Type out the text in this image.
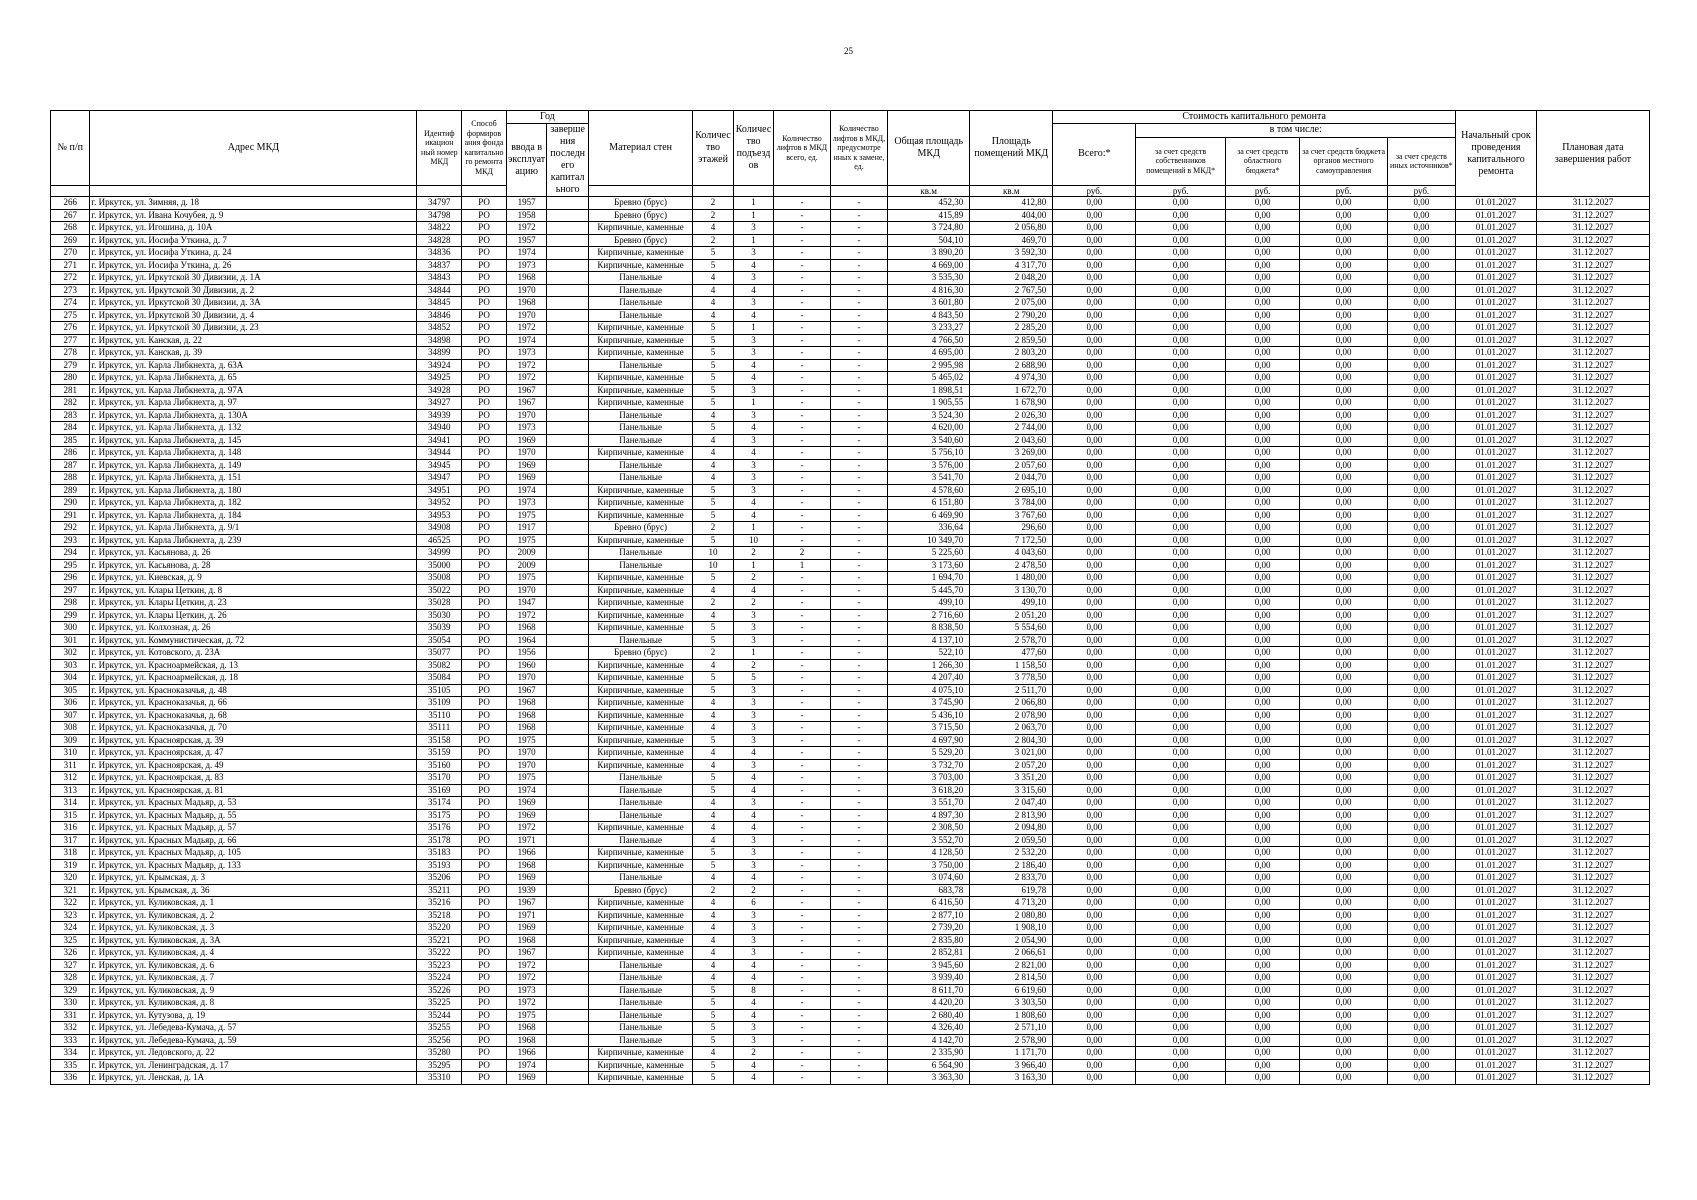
25
№ п/п	Адрес МКД	Идентиф икацион ный номер МКД	Способ формиров ания фонда капитально го ремонта МКД	Год		Материал стен	Количес тво этажей	Количес тво подъезд ов	Количество лифтов в МКД всего, ед.	Количество лифтов в МКД, предусмотре нных к замене, ед.	Общая площадь МКД	Площадь помещений МКД	Стоимость капитального ремонта					Начальный срок проведения капитального ремонта	Плановая дата завершения работ
				ввода в эксплуат ацию	заверше ния последн его капитал ьного								Всего:*	в том числе:					
														за счет средств собственников помещений в МКД*	за счет средств областного бюджета*	за счет средств бюджета органов местного самоуправления	за счет средств иных источников*		
											кв.м	кв.м	руб.	руб.	руб.	руб.	руб.		
266	г. Иркутск, ул. Зимняя, д. 18	34797	РО	1957		Бревно (брус)	2	1	-	-	452,30	412,80	0,00	0,00	0,00	0,00	0,00	01.01.2027	31.12.2027
267	г. Иркутск, ул. Ивана Кочубея, д. 9	34798	РО	1958		Бревно (брус)	2	1	-	-	415,89	404,00	0,00	0,00	0,00	0,00	0,00	01.01.2027	31.12.2027
268	г. Иркутск, ул. Игошина, д. 10А	34822	РО	1972		Кирпичные, каменные	4	3	-	-	3 724,80	2 056,80	0,00	0,00	0,00	0,00	0,00	01.01.2027	31.12.2027
269	г. Иркутск, ул. Иосифа Уткина, д. 7	34828	РО	1957		Бревно (брус)	2	1	-	-	504,10	469,70	0,00	0,00	0,00	0,00	0,00	01.01.2027	31.12.2027
270	г. Иркутск, ул. Иосифа Уткина, д. 24	34836	РО	1974		Кирпичные, каменные	5	3	-	-	3 890,20	3 592,30	0,00	0,00	0,00	0,00	0,00	01.01.2027	31.12.2027
271	г. Иркутск, ул. Иосифа Уткина, д. 26	34837	РО	1973		Кирпичные, каменные	5	4	-	-	4 669,00	4 317,70	0,00	0,00	0,00	0,00	0,00	01.01.2027	31.12.2027
272	г. Иркутск, ул. Иркутской 30 Дивизии, д. 1А	34843	РО	1968		Панельные	4	3	-	-	3 535,30	2 048,20	0,00	0,00	0,00	0,00	0,00	01.01.2027	31.12.2027
273	г. Иркутск, ул. Иркутской 30 Дивизии, д. 2	34844	РО	1970		Панельные	4	4	-	-	4 816,30	2 767,50	0,00	0,00	0,00	0,00	0,00	01.01.2027	31.12.2027
274	г. Иркутск, ул. Иркутской 30 Дивизии, д. 3А	34845	РО	1968		Панельные	4	3	-	-	3 601,80	2 075,00	0,00	0,00	0,00	0,00	0,00	01.01.2027	31.12.2027
275	г. Иркутск, ул. Иркутской 30 Дивизии, д. 4	34846	РО	1970		Панельные	4	4	-	-	4 843,50	2 790,20	0,00	0,00	0,00	0,00	0,00	01.01.2027	31.12.2027
276	г. Иркутск, ул. Иркутской 30 Дивизии, д. 23	34852	РО	1972		Кирпичные, каменные	5	1	-	-	3 233,27	2 285,20	0,00	0,00	0,00	0,00	0,00	01.01.2027	31.12.2027
277	г. Иркутск, ул. Канская, д. 22	34898	РО	1974		Кирпичные, каменные	5	3	-	-	4 766,50	2 859,50	0,00	0,00	0,00	0,00	0,00	01.01.2027	31.12.2027
278	г. Иркутск, ул. Канская, д. 39	34899	РО	1973		Кирпичные, каменные	5	3	-	-	4 695,00	2 803,20	0,00	0,00	0,00	0,00	0,00	01.01.2027	31.12.2027
279	г. Иркутск, ул. Карла Либкнехта, д. 63А	34924	РО	1972		Панельные	5	4	-	-	2 995,98	2 688,90	0,00	0,00	0,00	0,00	0,00	01.01.2027	31.12.2027
280	г. Иркутск, ул. Карла Либкнехта, д. 65	34925	РО	1972		Кирпичные, каменные	5	4	-	-	5 465,02	4 974,30	0,00	0,00	0,00	0,00	0,00	01.01.2027	31.12.2027
281	г. Иркутск, ул. Карла Либкнехта, д. 97А	34928	РО	1967		Кирпичные, каменные	5	3	-	-	1 898,51	1 672,70	0,00	0,00	0,00	0,00	0,00	01.01.2027	31.12.2027
282	г. Иркутск, ул. Карла Либкнехта, д. 97	34927	РО	1967		Кирпичные, каменные	5	1	-	-	1 905,55	1 678,90	0,00	0,00	0,00	0,00	0,00	01.01.2027	31.12.2027
283	г. Иркутск, ул. Карла Либкнехта, д. 130А	34939	РО	1970		Панельные	4	3	-	-	3 524,30	2 026,30	0,00	0,00	0,00	0,00	0,00	01.01.2027	31.12.2027
284	г. Иркутск, ул. Карла Либкнехта, д. 132	34940	РО	1973		Панельные	5	4	-	-	4 620,00	2 744,00	0,00	0,00	0,00	0,00	0,00	01.01.2027	31.12.2027
285	г. Иркутск, ул. Карла Либкнехта, д. 145	34941	РО	1969		Панельные	4	3	-	-	3 540,60	2 043,60	0,00	0,00	0,00	0,00	0,00	01.01.2027	31.12.2027
286	г. Иркутск, ул. Карла Либкнехта, д. 148	34944	РО	1970		Кирпичные, каменные	4	4	-	-	5 756,10	3 269,00	0,00	0,00	0,00	0,00	0,00	01.01.2027	31.12.2027
287	г. Иркутск, ул. Карла Либкнехта, д. 149	34945	РО	1969		Панельные	4	3	-	-	3 576,00	2 057,60	0,00	0,00	0,00	0,00	0,00	01.01.2027	31.12.2027
288	г. Иркутск, ул. Карла Либкнехта, д. 151	34947	РО	1969		Панельные	4	3	-	-	3 541,70	2 044,70	0,00	0,00	0,00	0,00	0,00	01.01.2027	31.12.2027
289	г. Иркутск, ул. Карла Либкнехта, д. 180	34951	РО	1974		Кирпичные, каменные	5	3	-	-	4 578,60	2 695,10	0,00	0,00	0,00	0,00	0,00	01.01.2027	31.12.2027
290	г. Иркутск, ул. Карла Либкнехта, д. 182	34952	РО	1973		Кирпичные, каменные	5	4	-	-	6 151,80	3 784,00	0,00	0,00	0,00	0,00	0,00	01.01.2027	31.12.2027
291	г. Иркутск, ул. Карла Либкнехта, д. 184	34953	РО	1975		Кирпичные, каменные	5	4	-	-	6 469,90	3 767,60	0,00	0,00	0,00	0,00	0,00	01.01.2027	31.12.2027
292	г. Иркутск, ул. Карла Либкнехта, д. 9/1	34908	РО	1917		Бревно (брус)	2	1	-	-	336,64	296,60	0,00	0,00	0,00	0,00	0,00	01.01.2027	31.12.2027
293	г. Иркутск, ул. Карла Либкнехта, д. 239	46525	РО	1975		Кирпичные, каменные	5	10	-	-	10 349,70	7 172,50	0,00	0,00	0,00	0,00	0,00	01.01.2027	31.12.2027
294	г. Иркутск, ул. Касьянова, д. 26	34999	РО	2009		Панельные	10	2	2	-	5 225,60	4 043,60	0,00	0,00	0,00	0,00	0,00	01.01.2027	31.12.2027
295	г. Иркутск, ул. Касьянова, д. 28	35000	РО	2009		Панельные	10	1	1	-	3 173,60	2 478,50	0,00	0,00	0,00	0,00	0,00	01.01.2027	31.12.2027
296	г. Иркутск, ул. Киевская, д. 9	35008	РО	1975		Кирпичные, каменные	5	2	-	-	1 694,70	1 480,00	0,00	0,00	0,00	0,00	0,00	01.01.2027	31.12.2027
297	г. Иркутск, ул. Клары Цеткин, д. 8	35022	РО	1970		Кирпичные, каменные	4	4	-	-	5 445,70	3 130,70	0,00	0,00	0,00	0,00	0,00	01.01.2027	31.12.2027
298	г. Иркутск, ул. Клары Цеткин, д. 23	35028	РО	1947		Кирпичные, каменные	2	2	-	-	499,10	499,10	0,00	0,00	0,00	0,00	0,00	01.01.2027	31.12.2027
299	г. Иркутск, ул. Клары Цеткин, д. 26	35030	РО	1972		Кирпичные, каменные	4	3	-	-	2 716,60	2 051,20	0,00	0,00	0,00	0,00	0,00	01.01.2027	31.12.2027
300	г. Иркутск, ул. Колхозная, д. 26	35039	РО	1968		Кирпичные, каменные	5	3	-	-	8 838,50	5 554,60	0,00	0,00	0,00	0,00	0,00	01.01.2027	31.12.2027
301	г. Иркутск, ул. Коммунистическая, д. 72	35054	РО	1964		Панельные	5	3	-	-	4 137,10	2 578,70	0,00	0,00	0,00	0,00	0,00	01.01.2027	31.12.2027
302	г. Иркутск, ул. Котовского, д. 23А	35077	РО	1956		Бревно (брус)	2	1	-	-	522,10	477,60	0,00	0,00	0,00	0,00	0,00	01.01.2027	31.12.2027
303	г. Иркутск, ул. Красноармейская, д. 13	35082	РО	1960		Кирпичные, каменные	4	2	-	-	1 266,30	1 158,50	0,00	0,00	0,00	0,00	0,00	01.01.2027	31.12.2027
304	г. Иркутск, ул. Красноармейская, д. 18	35084	РО	1970		Кирпичные, каменные	5	5	-	-	4 207,40	3 778,50	0,00	0,00	0,00	0,00	0,00	01.01.2027	31.12.2027
305	г. Иркутск, ул. Красноказачья, д. 48	35105	РО	1967		Кирпичные, каменные	5	3	-	-	4 075,10	2 511,70	0,00	0,00	0,00	0,00	0,00	01.01.2027	31.12.2027
306	г. Иркутск, ул. Красноказачья, д. 66	35109	РО	1968		Кирпичные, каменные	4	3	-	-	3 745,90	2 066,80	0,00	0,00	0,00	0,00	0,00	01.01.2027	31.12.2027
307	г. Иркутск, ул. Красноказачья, д. 68	35110	РО	1968		Кирпичные, каменные	4	3	-	-	5 436,10	2 078,90	0,00	0,00	0,00	0,00	0,00	01.01.2027	31.12.2027
308	г. Иркутск, ул. Красноказачья, д. 70	35111	РО	1968		Кирпичные, каменные	4	3	-	-	3 715,50	2 063,70	0,00	0,00	0,00	0,00	0,00	01.01.2027	31.12.2027
309	г. Иркутск, ул. Красноярская, д. 39	35158	РО	1975		Кирпичные, каменные	5	3	-	-	4 697,90	2 804,30	0,00	0,00	0,00	0,00	0,00	01.01.2027	31.12.2027
310	г. Иркутск, ул. Красноярская, д. 47	35159	РО	1970		Кирпичные, каменные	4	4	-	-	5 529,20	3 021,00	0,00	0,00	0,00	0,00	0,00	01.01.2027	31.12.2027
311	г. Иркутск, ул. Красноярская, д. 49	35160	РО	1970		Кирпичные, каменные	4	3	-	-	3 732,70	2 057,20	0,00	0,00	0,00	0,00	0,00	01.01.2027	31.12.2027
312	г. Иркутск, ул. Красноярская, д. 83	35170	РО	1975		Панельные	5	4	-	-	3 703,00	3 351,20	0,00	0,00	0,00	0,00	0,00	01.01.2027	31.12.2027
313	г. Иркутск, ул. Красноярская, д. 81	35169	РО	1974		Панельные	5	4	-	-	3 618,20	3 315,60	0,00	0,00	0,00	0,00	0,00	01.01.2027	31.12.2027
314	г. Иркутск, ул. Красных Мадьяр, д. 53	35174	РО	1969		Панельные	4	3	-	-	3 551,70	2 047,40	0,00	0,00	0,00	0,00	0,00	01.01.2027	31.12.2027
315	г. Иркутск, ул. Красных Мадьяр, д. 55	35175	РО	1969		Панельные	4	4	-	-	4 897,30	2 813,90	0,00	0,00	0,00	0,00	0,00	01.01.2027	31.12.2027
316	г. Иркутск, ул. Красных Мадьяр, д. 57	35176	РО	1972		Кирпичные, каменные	4	4	-	-	2 308,50	2 094,80	0,00	0,00	0,00	0,00	0,00	01.01.2027	31.12.2027
317	г. Иркутск, ул. Красных Мадьяр, д. 66	35178	РО	1971		Панельные	4	3	-	-	3 552,70	2 059,50	0,00	0,00	0,00	0,00	0,00	01.01.2027	31.12.2027
318	г. Иркутск, ул. Красных Мадьяр, д. 105	35183	РО	1966		Кирпичные, каменные	5	3	-	-	4 128,50	2 532,20	0,00	0,00	0,00	0,00	0,00	01.01.2027	31.12.2027
319	г. Иркутск, ул. Красных Мадьяр, д. 133	35193	РО	1968		Кирпичные, каменные	5	3	-	-	3 750,00	2 186,40	0,00	0,00	0,00	0,00	0,00	01.01.2027	31.12.2027
320	г. Иркутск, ул. Крымская, д. 3	35206	РО	1969		Панельные	4	4	-	-	3 074,60	2 833,70	0,00	0,00	0,00	0,00	0,00	01.01.2027	31.12.2027
321	г. Иркутск, ул. Крымская, д. 36	35211	РО	1939		Бревно (брус)	2	2	-	-	683,78	619,78	0,00	0,00	0,00	0,00	0,00	01.01.2027	31.12.2027
322	г. Иркутск, ул. Куликовская, д. 1	35216	РО	1967		Кирпичные, каменные	4	6	-	-	6 416,50	4 713,20	0,00	0,00	0,00	0,00	0,00	01.01.2027	31.12.2027
323	г. Иркутск, ул. Куликовская, д. 2	35218	РО	1971		Кирпичные, каменные	4	3	-	-	2 877,10	2 080,80	0,00	0,00	0,00	0,00	0,00	01.01.2027	31.12.2027
324	г. Иркутск, ул. Куликовская, д. 3	35220	РО	1969		Кирпичные, каменные	4	3	-	-	2 739,20	1 908,10	0,00	0,00	0,00	0,00	0,00	01.01.2027	31.12.2027
325	г. Иркутск, ул. Куликовская, д. 3А	35221	РО	1968		Кирпичные, каменные	4	3	-	-	2 835,80	2 054,90	0,00	0,00	0,00	0,00	0,00	01.01.2027	31.12.2027
326	г. Иркутск, ул. Куликовская, д. 4	35222	РО	1967		Кирпичные, каменные	4	3	-	-	2 852,81	2 066,61	0,00	0,00	0,00	0,00	0,00	01.01.2027	31.12.2027
327	г. Иркутск, ул. Куликовская, д. 6	35223	РО	1972		Панельные	4	4	-	-	3 945,60	2 821,00	0,00	0,00	0,00	0,00	0,00	01.01.2027	31.12.2027
328	г. Иркутск, ул. Куликовская, д. 7	35224	РО	1972		Панельные	4	4	-	-	3 939,40	2 814,50	0,00	0,00	0,00	0,00	0,00	01.01.2027	31.12.2027
329	г. Иркутск, ул. Куликовская, д. 9	35226	РО	1973		Панельные	5	8	-	-	8 611,70	6 619,60	0,00	0,00	0,00	0,00	0,00	01.01.2027	31.12.2027
330	г. Иркутск, ул. Куликовская, д. 8	35225	РО	1972		Панельные	5	4	-	-	4 420,20	3 303,50	0,00	0,00	0,00	0,00	0,00	01.01.2027	31.12.2027
331	г. Иркутск, ул. Кутузова, д. 19	35244	РО	1975		Панельные	5	4	-	-	2 680,40	1 808,60	0,00	0,00	0,00	0,00	0,00	01.01.2027	31.12.2027
332	г. Иркутск, ул. Лебедева-Кумача, д. 57	35255	РО	1968		Панельные	5	3	-	-	4 326,40	2 571,10	0,00	0,00	0,00	0,00	0,00	01.01.2027	31.12.2027
333	г. Иркутск, ул. Лебедева-Кумача, д. 59	35256	РО	1968		Панельные	5	3	-	-	4 142,70	2 578,90	0,00	0,00	0,00	0,00	0,00	01.01.2027	31.12.2027
334	г. Иркутск, ул. Ледовского, д. 22	35280	РО	1966		Кирпичные, каменные	4	2	-	-	2 335,90	1 171,70	0,00	0,00	0,00	0,00	0,00	01.01.2027	31.12.2027
335	г. Иркутск, ул. Ленинградская, д. 17	35295	РО	1974		Кирпичные, каменные	5	4	-	-	6 564,90	3 966,40	0,00	0,00	0,00	0,00	0,00	01.01.2027	31.12.2027
336	г. Иркутск, ул. Ленская, д. 1А	35310	РО	1969		Кирпичные, каменные	5	4	-	-	3 363,30	3 163,30	0,00	0,00	0,00	0,00	0,00	01.01.2027	31.12.2027
